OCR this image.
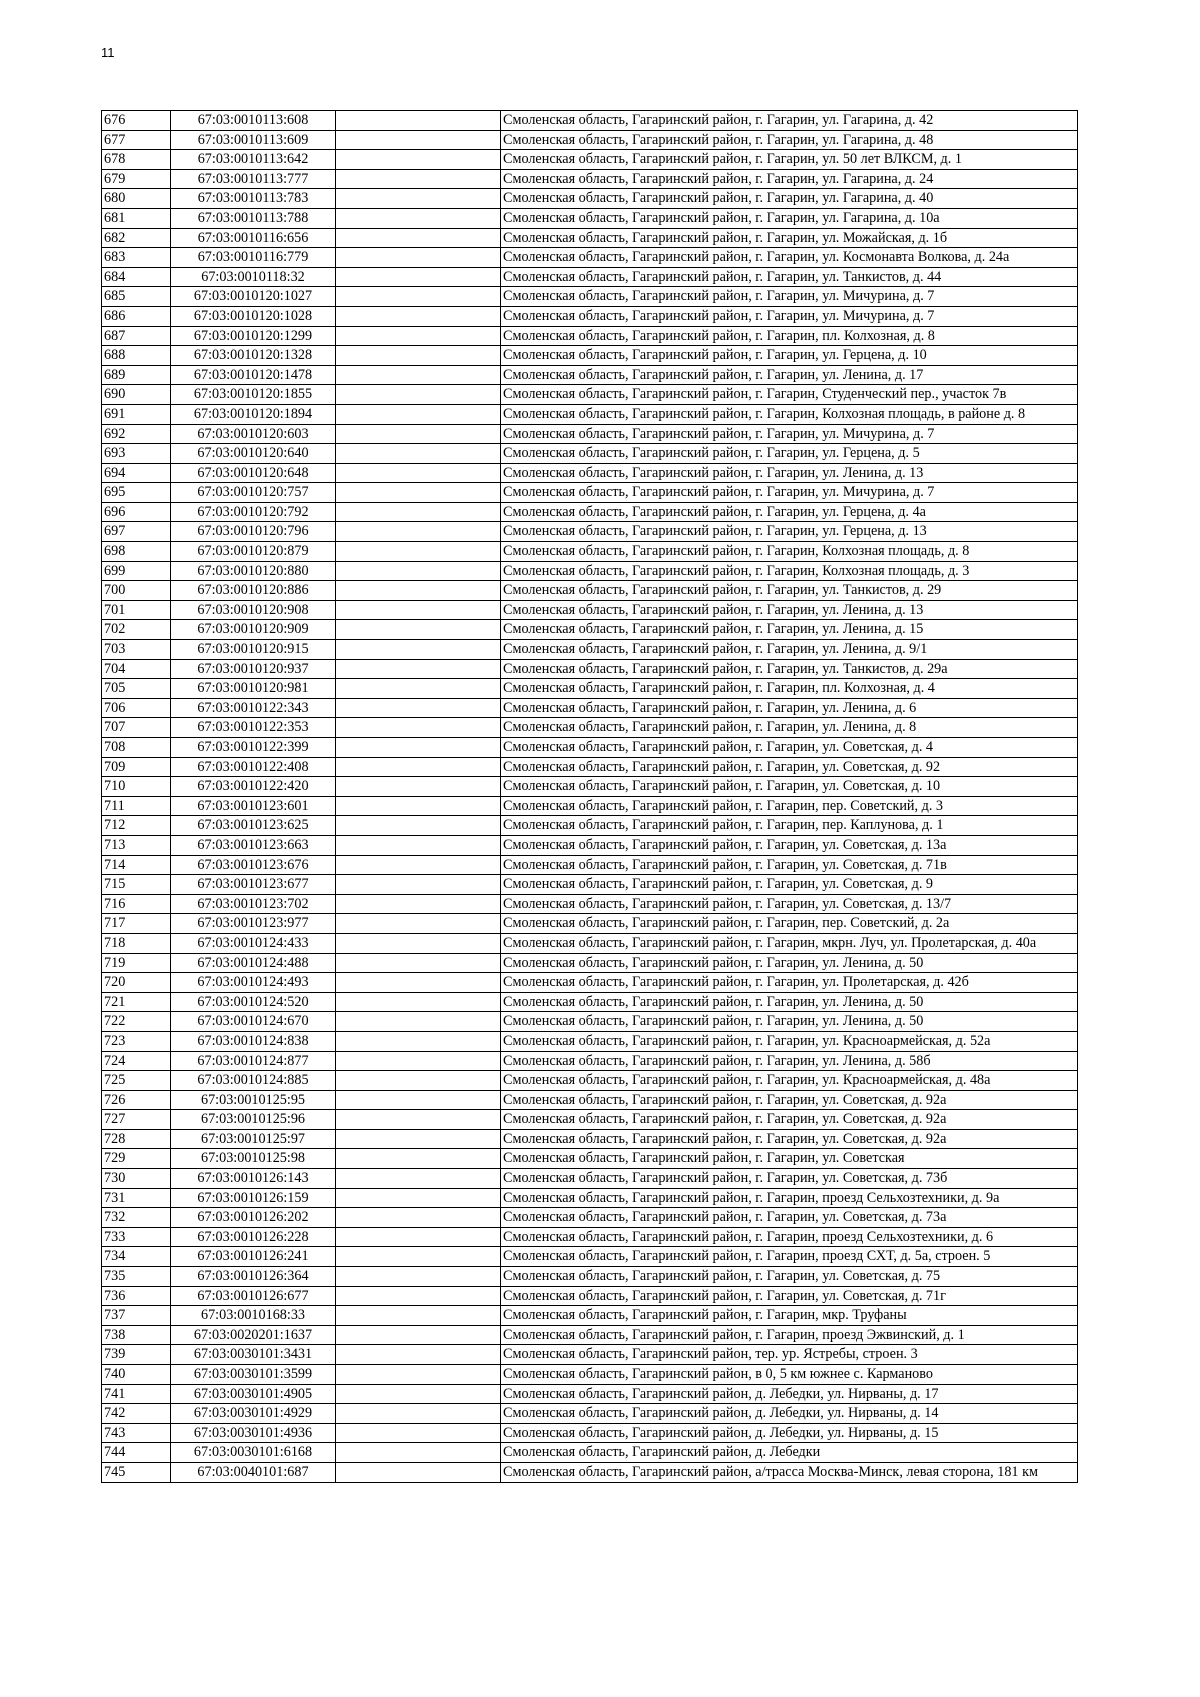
11
676	67:03:0010113:608		Смоленская область, Гагаринский район, г. Гагарин, ул. Гагарина, д. 42
677	67:03:0010113:609		Смоленская область, Гагаринский район, г. Гагарин, ул. Гагарина, д. 48
678	67:03:0010113:642		Смоленская область, Гагаринский район, г. Гагарин, ул. 50 лет ВЛКСМ, д. 1
679	67:03:0010113:777		Смоленская область, Гагаринский район, г. Гагарин, ул. Гагарина, д. 24
680	67:03:0010113:783		Смоленская область, Гагаринский район, г. Гагарин, ул. Гагарина, д. 40
681	67:03:0010113:788		Смоленская область, Гагаринский район, г. Гагарин, ул. Гагарина, д. 10а
682	67:03:0010116:656		Смоленская область, Гагаринский район, г. Гагарин, ул. Можайская, д. 1б
683	67:03:0010116:779		Смоленская область, Гагаринский район, г. Гагарин, ул. Космонавта Волкова, д. 24а
684	67:03:0010118:32		Смоленская область, Гагаринский район, г. Гагарин, ул. Танкистов, д. 44
685	67:03:0010120:1027		Смоленская область, Гагаринский район, г. Гагарин, ул. Мичурина, д. 7
686	67:03:0010120:1028		Смоленская область, Гагаринский район, г. Гагарин, ул. Мичурина, д. 7
687	67:03:0010120:1299		Смоленская область, Гагаринский район, г. Гагарин, пл. Колхозная, д. 8
688	67:03:0010120:1328		Смоленская область, Гагаринский район, г. Гагарин, ул. Герцена, д. 10
689	67:03:0010120:1478		Смоленская область, Гагаринский район, г. Гагарин, ул. Ленина, д. 17
690	67:03:0010120:1855		Смоленская область, Гагаринский район, г. Гагарин, Студенческий пер., участок 7в
691	67:03:0010120:1894		Смоленская область, Гагаринский район, г. Гагарин, Колхозная площадь, в районе д. 8
692	67:03:0010120:603		Смоленская область, Гагаринский район, г. Гагарин, ул. Мичурина, д. 7
693	67:03:0010120:640		Смоленская область, Гагаринский район, г. Гагарин, ул. Герцена, д. 5
694	67:03:0010120:648		Смоленская область, Гагаринский район, г. Гагарин, ул. Ленина, д. 13
695	67:03:0010120:757		Смоленская область, Гагаринский район, г. Гагарин, ул. Мичурина, д. 7
696	67:03:0010120:792		Смоленская область, Гагаринский район, г. Гагарин, ул. Герцена, д. 4а
697	67:03:0010120:796		Смоленская область, Гагаринский район, г. Гагарин, ул. Герцена, д. 13
698	67:03:0010120:879		Смоленская область, Гагаринский район, г. Гагарин, Колхозная площадь, д. 8
699	67:03:0010120:880		Смоленская область, Гагаринский район, г. Гагарин, Колхозная площадь, д. 3
700	67:03:0010120:886		Смоленская область, Гагаринский район, г. Гагарин, ул. Танкистов, д. 29
701	67:03:0010120:908		Смоленская область, Гагаринский район, г. Гагарин, ул. Ленина, д. 13
702	67:03:0010120:909		Смоленская область, Гагаринский район, г. Гагарин, ул. Ленина, д. 15
703	67:03:0010120:915		Смоленская область, Гагаринский район, г. Гагарин, ул. Ленина, д. 9/1
704	67:03:0010120:937		Смоленская область, Гагаринский район, г. Гагарин, ул. Танкистов, д. 29а
705	67:03:0010120:981		Смоленская область, Гагаринский район, г. Гагарин, пл. Колхозная, д. 4
706	67:03:0010122:343		Смоленская область, Гагаринский район, г. Гагарин, ул. Ленина, д. 6
707	67:03:0010122:353		Смоленская область, Гагаринский район, г. Гагарин, ул. Ленина, д. 8
708	67:03:0010122:399		Смоленская область, Гагаринский район, г. Гагарин, ул. Советская, д. 4
709	67:03:0010122:408		Смоленская область, Гагаринский район, г. Гагарин, ул. Советская, д. 92
710	67:03:0010122:420		Смоленская область, Гагаринский район, г. Гагарин, ул. Советская, д. 10
711	67:03:0010123:601		Смоленская область, Гагаринский район, г. Гагарин, пер. Советский, д. 3
712	67:03:0010123:625		Смоленская область, Гагаринский район, г. Гагарин, пер. Каплунова, д. 1
713	67:03:0010123:663		Смоленская область, Гагаринский район, г. Гагарин, ул. Советская, д. 13а
714	67:03:0010123:676		Смоленская область, Гагаринский район, г. Гагарин, ул. Советская, д. 71в
715	67:03:0010123:677		Смоленская область, Гагаринский район, г. Гагарин, ул. Советская, д. 9
716	67:03:0010123:702		Смоленская область, Гагаринский район, г. Гагарин, ул. Советская, д. 13/7
717	67:03:0010123:977		Смоленская область, Гагаринский район, г. Гагарин, пер. Советский, д. 2а
718	67:03:0010124:433		Смоленская область, Гагаринский район, г. Гагарин, мкрн. Луч, ул. Пролетарская, д. 40а
719	67:03:0010124:488		Смоленская область, Гагаринский район, г. Гагарин, ул. Ленина, д. 50
720	67:03:0010124:493		Смоленская область, Гагаринский район, г. Гагарин, ул. Пролетарская, д. 42б
721	67:03:0010124:520		Смоленская область, Гагаринский район, г. Гагарин, ул. Ленина, д. 50
722	67:03:0010124:670		Смоленская область, Гагаринский район, г. Гагарин, ул. Ленина, д. 50
723	67:03:0010124:838		Смоленская область, Гагаринский район, г. Гагарин, ул. Красноармейская, д. 52а
724	67:03:0010124:877		Смоленская область, Гагаринский район, г. Гагарин, ул. Ленина, д. 58б
725	67:03:0010124:885		Смоленская область, Гагаринский район, г. Гагарин, ул. Красноармейская, д. 48а
726	67:03:0010125:95		Смоленская область, Гагаринский район, г. Гагарин, ул. Советская, д. 92а
727	67:03:0010125:96		Смоленская область, Гагаринский район, г. Гагарин, ул. Советская, д. 92а
728	67:03:0010125:97		Смоленская область, Гагаринский район, г. Гагарин, ул. Советская, д. 92а
729	67:03:0010125:98		Смоленская область, Гагаринский район, г. Гагарин, ул. Советская
730	67:03:0010126:143		Смоленская область, Гагаринский район, г. Гагарин, ул. Советская, д. 73б
731	67:03:0010126:159		Смоленская область, Гагаринский район, г. Гагарин, проезд Сельхозтехники, д. 9а
732	67:03:0010126:202		Смоленская область, Гагаринский район, г. Гагарин, ул. Советская, д. 73а
733	67:03:0010126:228		Смоленская область, Гагаринский район, г. Гагарин, проезд Сельхозтехники, д. 6
734	67:03:0010126:241		Смоленская область, Гагаринский район, г. Гагарин, проезд СХТ, д. 5а, строен. 5
735	67:03:0010126:364		Смоленская область, Гагаринский район, г. Гагарин, ул. Советская, д. 75
736	67:03:0010126:677		Смоленская область, Гагаринский район, г. Гагарин, ул. Советская, д. 71г
737	67:03:0010168:33		Смоленская область, Гагаринский район, г. Гагарин, мкр. Труфаны
738	67:03:0020201:1637		Смоленская область, Гагаринский район, г. Гагарин, проезд Эжвинский, д. 1
739	67:03:0030101:3431		Смоленская область, Гагаринский район, тер. ур. Ястребы, строен. 3
740	67:03:0030101:3599		Смоленская область, Гагаринский район, в 0, 5 км южнее с. Карманово
741	67:03:0030101:4905		Смоленская область, Гагаринский район, д. Лебедки, ул. Нирваны, д. 17
742	67:03:0030101:4929		Смоленская область, Гагаринский район, д. Лебедки, ул. Нирваны, д. 14
743	67:03:0030101:4936		Смоленская область, Гагаринский район, д. Лебедки, ул. Нирваны, д. 15
744	67:03:0030101:6168		Смоленская область, Гагаринский район, д. Лебедки
745	67:03:0040101:687		Смоленская область, Гагаринский район, а/трасса Москва-Минск, левая сторона, 181 км
